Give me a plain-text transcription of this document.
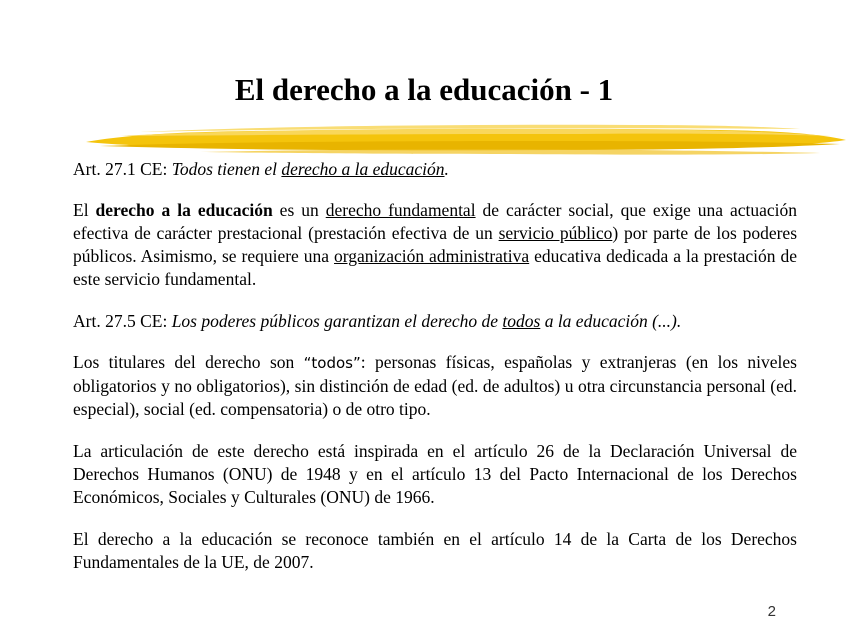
El derecho a la educación - 1

Art. 27.1 CE: Todos tienen el derecho a la educación.

El derecho a la educación es un derecho fundamental de carácter social, que exige una actuación efectiva de carácter prestacional (prestación efectiva de un servicio público) por parte de los poderes públicos. Asimismo, se requiere una organización administrativa educativa dedicada a la prestación de este servicio fundamental.

Art. 27.5 CE: Los poderes públicos garantizan el derecho de todos a la educación (...).

Los titulares del derecho son “todos”: personas físicas, españolas y extranjeras (en los niveles obligatorios y no obligatorios), sin distinción de edad (ed. de adultos) u otra circunstancia personal (ed. especial), social (ed. compensatoria) o de otro tipo.

La articulación de este derecho está inspirada en el artículo 26 de la Declaración Universal de Derechos Humanos (ONU) de 1948 y en el artículo 13 del Pacto Internacional de los Derechos Económicos, Sociales y Culturales (ONU) de 1966.

El derecho a la educación se reconoce también en el artículo 14 de la Carta de los Derechos Fundamentales de la UE, de 2007.

2
